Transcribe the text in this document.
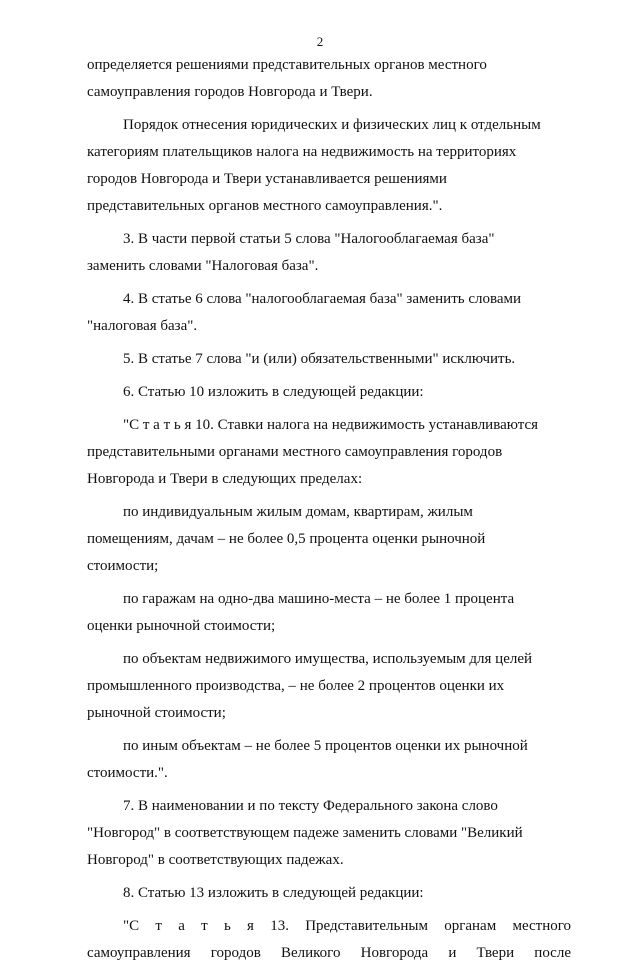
2

определяется решениями представительных органов местного
самоуправления городов Новгорода и Твери.

Порядок отнесения юридических и физических лиц к отдельным
категориям плательщиков налога на недвижимость на территориях
городов Новгорода и Твери устанавливается решениями
представительных органов местного самоуправления.".

3. В части первой статьи 5 слова "Налогооблагаемая база"
заменить словами "Налоговая база".

4. В статье 6 слова "налогооблагаемая база" заменить словами
"налоговая база".

5. В статье 7 слова "и (или) обязательственными" исключить.

6. Статью 10 изложить в следующей редакции:

"С т а т ь я 10. Ставки налога на недвижимость устанавливаются
представительными органами местного самоуправления городов
Новгорода и Твери в следующих пределах:

по индивидуальным жилым домам, квартирам, жилым
помещениям, дачам – не более 0,5 процента оценки рыночной
стоимости;

по гаражам на одно-два машино-места – не более 1 процента
оценки рыночной стоимости;

по объектам недвижимого имущества, используемым для целей
промышленного производства, – не более 2 процентов оценки их
рыночной стоимости;

по иным объектам – не более 5 процентов оценки их рыночной
стоимости.".

7. В наименовании и по тексту Федерального закона слово
"Новгород" в соответствующем падеже заменить словами "Великий
Новгород" в соответствующих падежах.

8. Статью 13 изложить в следующей редакции:

"С т а т ь я 13. Представительным органам местного
самоуправления городов Великого Новгорода и Твери после
